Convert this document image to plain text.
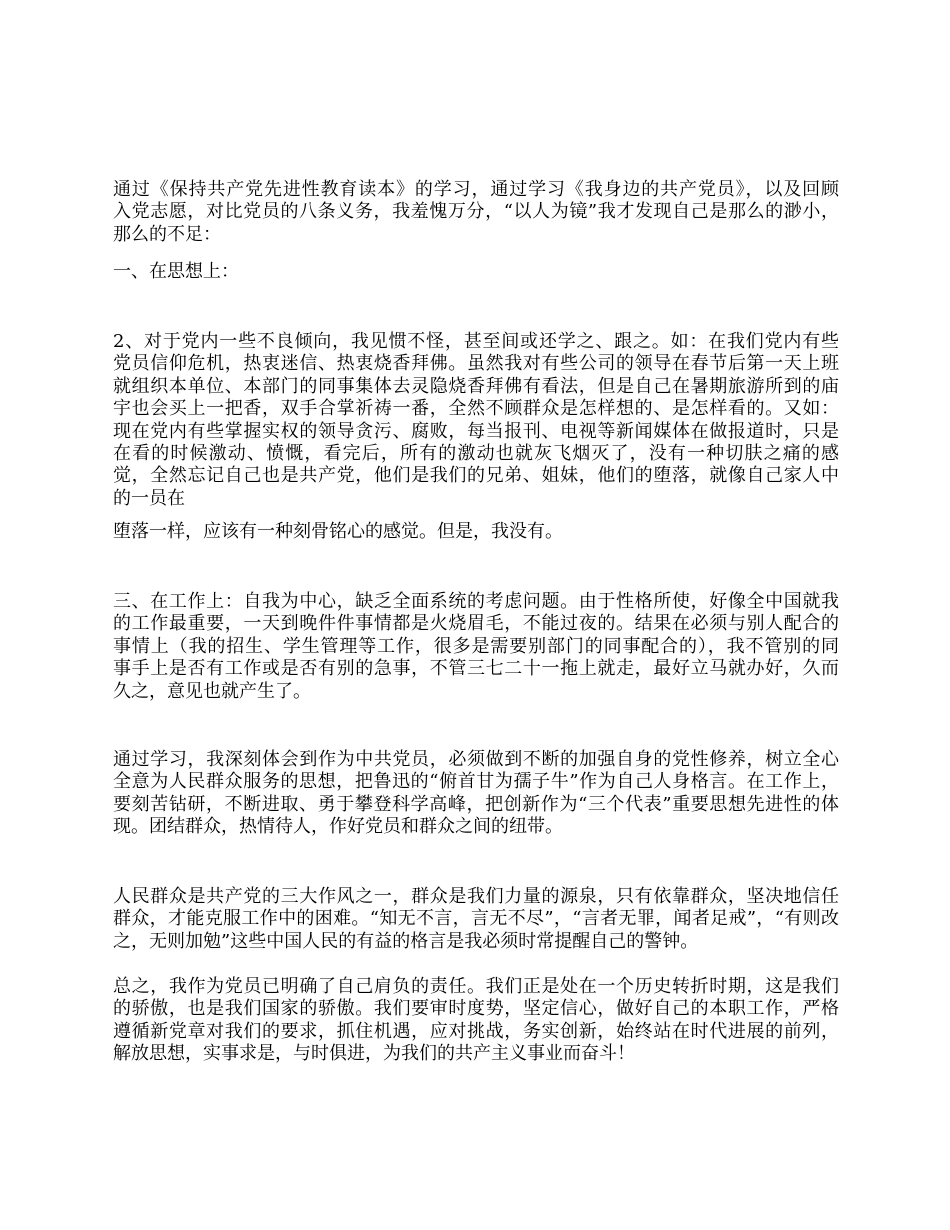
通过《保持共产党先进性教育读本》的学习，通过学习《我身边的共产党员》，以及回顾
入党志愿，对比党员的八条义务，我羞愧万分，“以人为镜”我才发现自己是那么的渺小，
那么的不足：
一、在思想上：
2、对于党内一些不良倾向，我见惯不怪，甚至间或还学之、跟之。如：在我们党内有些
党员信仰危机，热衷迷信、热衷烧香拜佛。虽然我对有些公司的领导在春节后第一天上班
就组织本单位、本部门的同事集体去灵隐烧香拜佛有看法，但是自己在暑期旅游所到的庙
宇也会买上一把香，双手合掌祈祷一番，全然不顾群众是怎样想的、是怎样看的。又如：
现在党内有些掌握实权的领导贪污、腐败，每当报刊、电视等新闻媒体在做报道时，只是
在看的时候激动、愤慨，看完后，所有的激动也就灰飞烟灭了，没有一种切肤之痛的感
觉，全然忘记自己也是共产党，他们是我们的兄弟、姐妹，他们的堕落，就像自己家人中
的一员在
堕落一样，应该有一种刻骨铭心的感觉。但是，我没有。
三、在工作上：自我为中心，缺乏全面系统的考虑问题。由于性格所使，好像全中国就我
的工作最重要，一天到晚件件事情都是火烧眉毛，不能过夜的。结果在必须与别人配合的
事情上（我的招生、学生管理等工作，很多是需要别部门的同事配合的），我不管别的同
事手上是否有工作或是否有别的急事，不管三七二十一拖上就走，最好立马就办好，久而
久之，意见也就产生了。
通过学习，我深刻体会到作为中共党员，必须做到不断的加强自身的党性修养，树立全心
全意为人民群众服务的思想，把鲁迅的“俯首甘为孺子牛”作为自己人身格言。在工作上，
要刻苦钻研，不断进取、勇于攀登科学高峰，把创新作为“三个代表”重要思想先进性的体
现。团结群众，热情待人，作好党员和群众之间的纽带。
人民群众是共产党的三大作风之一，群众是我们力量的源泉，只有依靠群众，坚决地信任
群众，才能克服工作中的困难。“知无不言，言无不尽”，“言者无罪，闻者足戒”，“有则改
之，无则加勉”这些中国人民的有益的格言是我必须时常提醒自己的警钟。
总之，我作为党员已明确了自己肩负的责任。我们正是处在一个历史转折时期，这是我们
的骄傲，也是我们国家的骄傲。我们要审时度势，坚定信心，做好自己的本职工作，严格
遵循新党章对我们的要求，抓住机遇，应对挑战，务实创新，始终站在时代进展的前列，
解放思想，实事求是，与时俱进，为我们的共产主义事业而奋斗！
